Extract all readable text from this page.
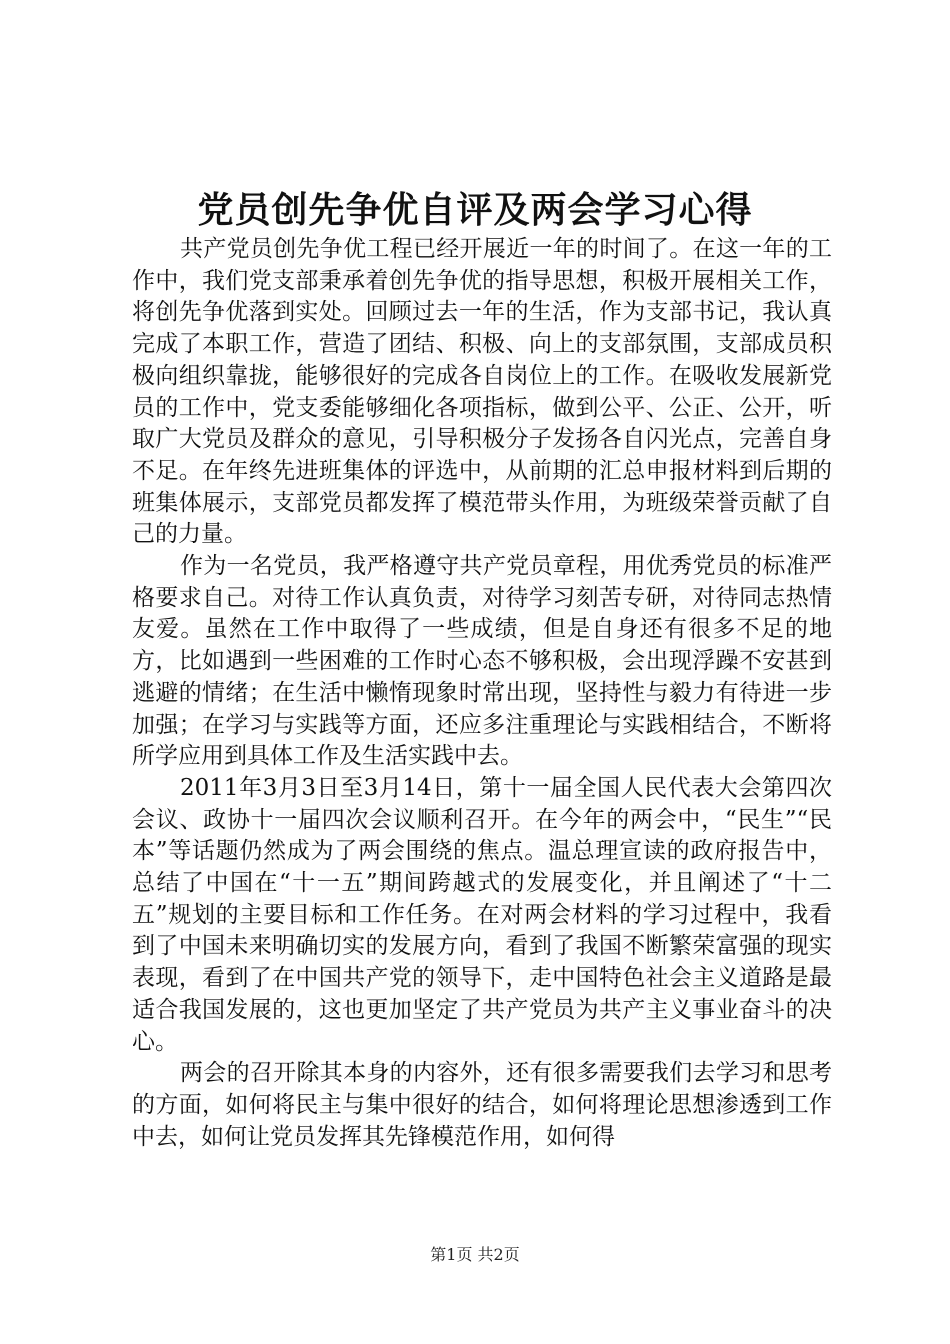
党员创先争优自评及两会学习心得

共产党员创先争优工程已经开展近一年的时间了。在这一年的工作中，我们党支部秉承着创先争优的指导思想，积极开展相关工作，将创先争优落到实处。回顾过去一年的生活，作为支部书记，我认真完成了本职工作，营造了团结、积极、向上的支部氛围，支部成员积极向组织靠拢，能够很好的完成各自岗位上的工作。在吸收发展新党员的工作中，党支委能够细化各项指标，做到公平、公正、公开，听取广大党员及群众的意见，引导积极分子发扬各自闪光点，完善自身不足。在年终先进班集体的评选中，从前期的汇总申报材料到后期的班集体展示，支部党员都发挥了模范带头作用，为班级荣誉贡献了自己的力量。

作为一名党员，我严格遵守共产党员章程，用优秀党员的标准严格要求自己。对待工作认真负责，对待学习刻苦专研，对待同志热情友爱。虽然在工作中取得了一些成绩，但是自身还有很多不足的地方，比如遇到一些困难的工作时心态不够积极，会出现浮躁不安甚到逃避的情绪；在生活中懒惰现象时常出现，坚持性与毅力有待进一步加强；在学习与实践等方面，还应多注重理论与实践相结合，不断将所学应用到具体工作及生活实践中去。

2011年3月3日至3月14日，第十一届全国人民代表大会第四次会议、政协十一届四次会议顺利召开。在今年的两会中，“民生”“民本”等话题仍然成为了两会围绕的焦点。温总理宣读的政府报告中，总结了中国在“十一五”期间跨越式的发展变化，并且阐述了“十二五”规划的主要目标和工作任务。在对两会材料的学习过程中，我看到了中国未来明确切实的发展方向，看到了我国不断繁荣富强的现实表现，看到了在中国共产党的领导下，走中国特色社会主义道路是最适合我国发展的，这也更加坚定了共产党员为共产主义事业奋斗的决心。

两会的召开除其本身的内容外，还有很多需要我们去学习和思考的方面，如何将民主与集中很好的结合，如何将理论思想渗透到工作中去，如何让党员发挥其先锋模范作用，如何得

第1页 共2页
